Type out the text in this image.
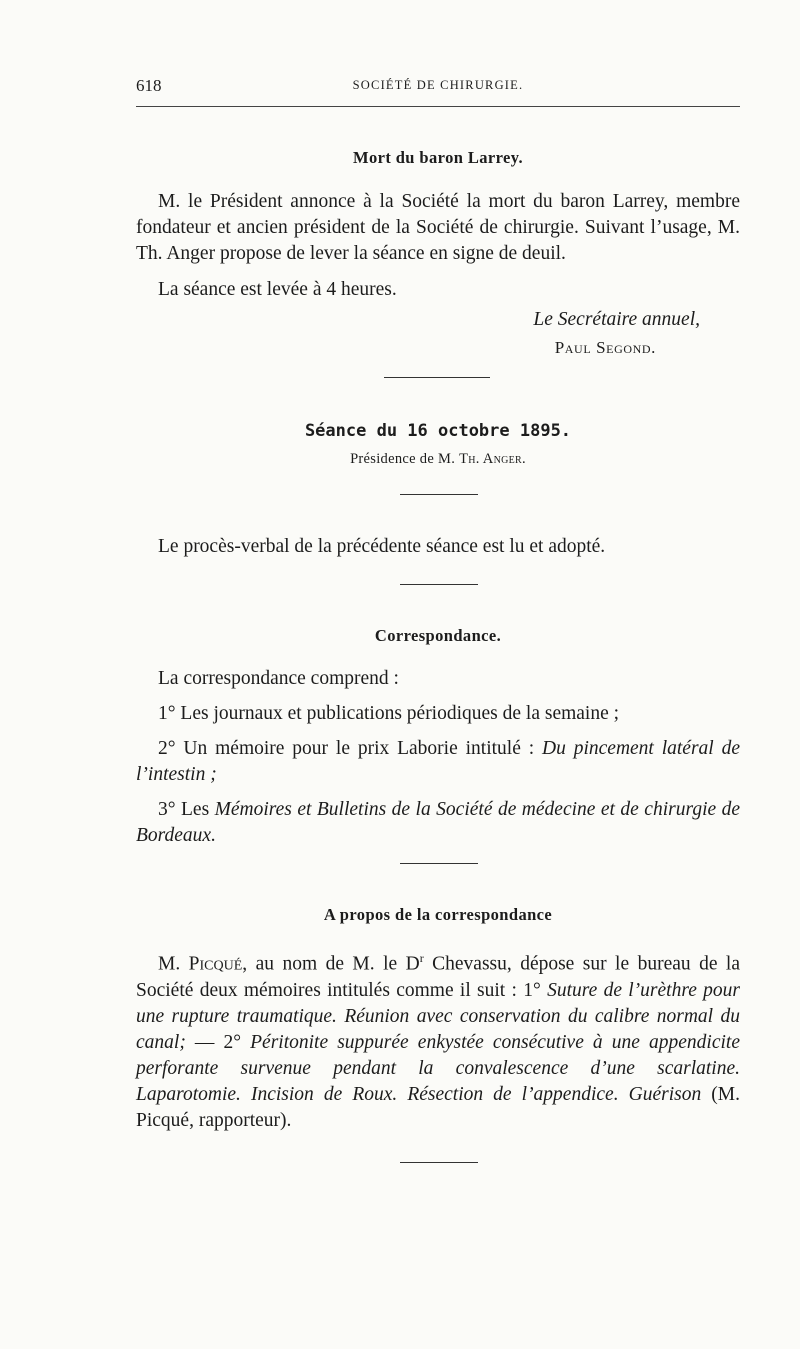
618	SOCIÉTÉ DE CHIRURGIE.

Mort du baron Larrey.

M. le Président annonce à la Société la mort du baron Larrey, membre fondateur et ancien président de la Société de chirurgie. Suivant l’usage, M. Th. Anger propose de lever la séance en signe de deuil.

La séance est levée à 4 heures.

Le Secrétaire annuel,

Paul Segond.

Séance du 16 octobre 1895.

Présidence de M. Th. Anger.

Le procès-verbal de la précédente séance est lu et adopté.

Correspondance.

La correspondance comprend :

1° Les journaux et publications périodiques de la semaine ;

2° Un mémoire pour le prix Laborie intitulé : Du pincement latéral de l’intestin ;

3° Les Mémoires et Bulletins de la Société de médecine et de chirurgie de Bordeaux.

A propos de la correspondance

M. Picqué, au nom de M. le $D^r$ Chevassu, dépose sur le bureau de la Société deux mémoires intitulés comme il suit : 1° Suture de l’urèthre pour une rupture traumatique. Réunion avec conservation du calibre normal du canal; — 2° Péritonite suppurée enkystée consécutive à une appendicite perforante survenue pendant la convalescence d’une scarlatine. Laparotomie. Incision de Roux. Résection de l’appendice. Guérison (M. Picqué, rapporteur).
